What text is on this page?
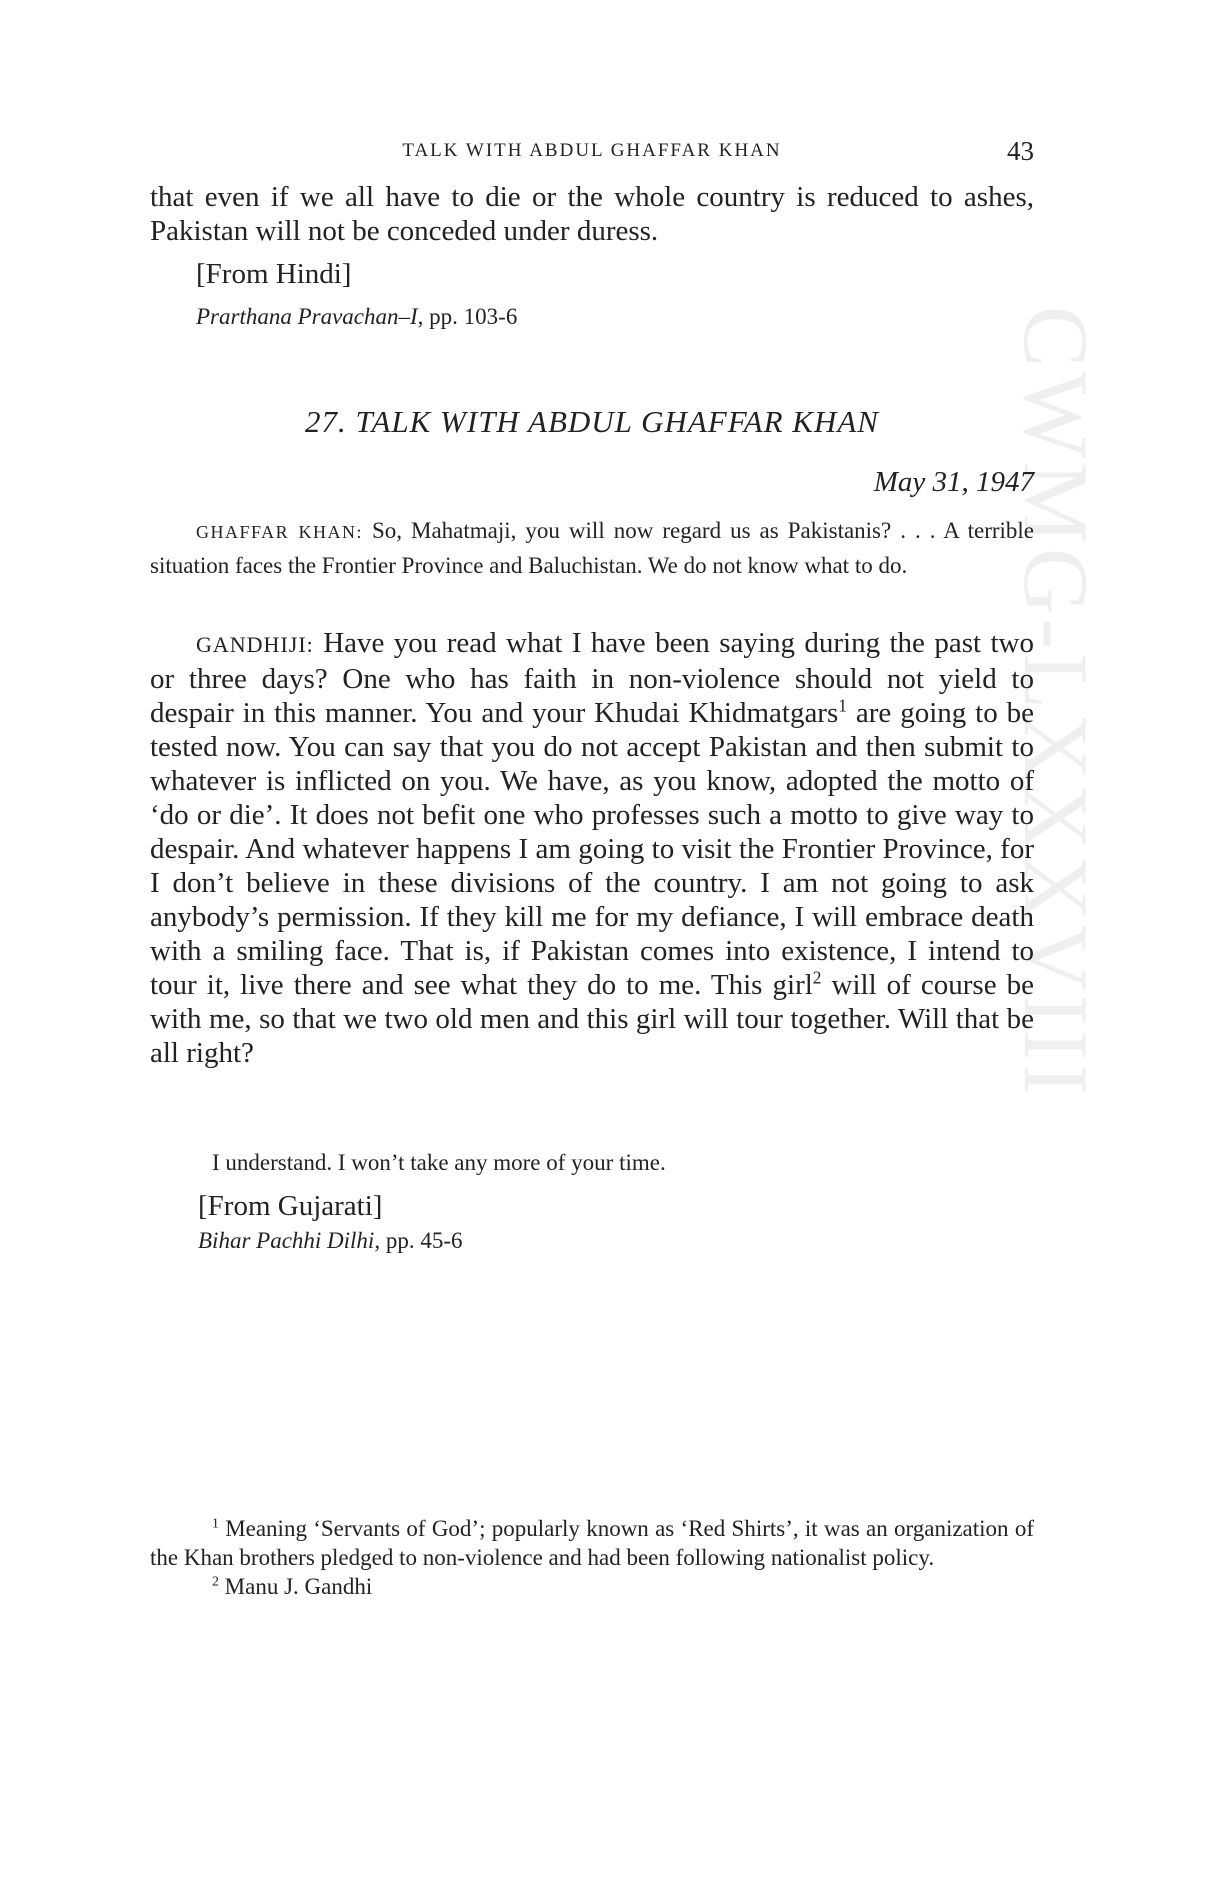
CWMG-LXXXVIII
TALK WITH ABDUL GHAFFAR KHAN	43

that even if we all have to die or the whole country is reduced to ashes, Pakistan will not be conceded under duress.

[From Hindi]
Prarthana Pravachan–I, pp. 103-6
27. TALK WITH ABDUL GHAFFAR KHAN
May 31, 1947

GHAFFAR KHAN: So, Mahatmaji, you will now regard us as Pakistanis? . . . A terrible situation faces the Frontier Province and Baluchistan. We do not know what to do.

GANDHIJI: Have you read what I have been saying during the past two or three days? One who has faith in non-violence should not yield to despair in this manner. You and your Khudai Khidmatgars$^1$ are going to be tested now. You can say that you do not accept Pakistan and then submit to whatever is inflicted on you. We have, as you know, adopted the motto of ‘do or die’. It does not befit one who professes such a motto to give way to despair. And whatever happens I am going to visit the Frontier Province, for I don’t believe in these divisions of the country. I am not going to ask anybody’s permission. If they kill me for my defiance, I will embrace death with a smiling face. That is, if Pakistan comes into existence, I intend to tour it, live there and see what they do to me. This girl$^2$ will of course be with me, so that we two old men and this girl will tour together. Will that be all right?

I understand. I won’t take any more of your time.

[From Gujarati]
Bihar Pachhi Dilhi, pp. 45-6

$^1$ Meaning ‘Servants of God’; popularly known as ‘Red Shirts’, it was an organization of the Khan brothers pledged to non-violence and had been following nationalist policy.

$^2$ Manu J. Gandhi
